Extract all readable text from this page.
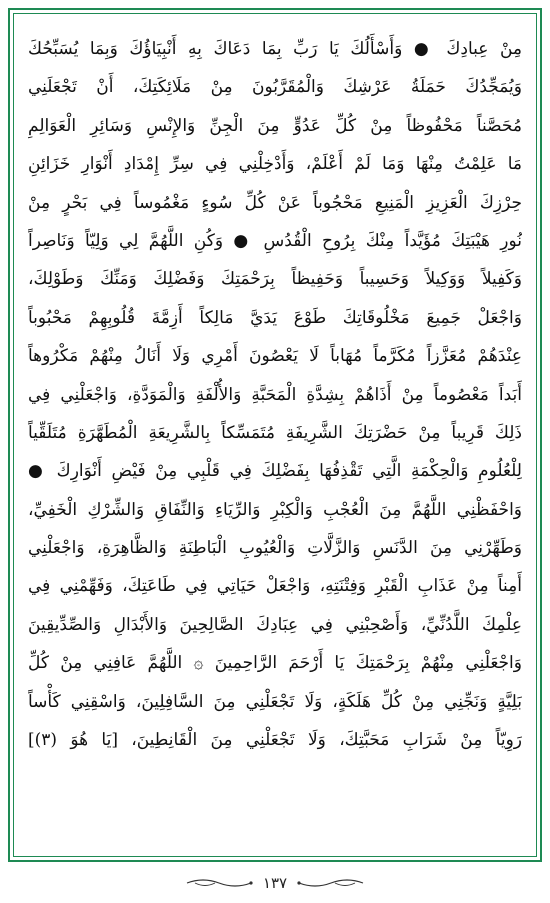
مِنْ عِبادِكَ ● وَأَسْأَلُكَ يَا رَبِّ بِمَا دَعَاكَ بِهِ أَنْبِيَاؤُكَ وَبِمَا يُسَبِّحُكَ
وَيُمَجِّدُكَ حَمَلَةُ عَرْشِكَ وَالْمُقَرَّبُونَ مِنْ مَلَائِكَتِكَ، أَنْ تَجْعَلَنِي
مُحَصَّناً مَحْفُوظاً مِنْ كُلِّ عَدُوٍّ مِنَ الْجِنِّ وَالإِنْسِ وَسَائِرِ الْعَوَالِمِ
مَا عَلِمْتُ مِنْهَا وَمَا لَمْ أَعْلَمْ، وَأَدْخِلْنِي فِي سِرِّ إِمْدَادِ أَنْوَارِ خَزَائِنِ
حِرْزِكَ الْعَزِيزِ الْمَنِيعِ مَحْجُوباً عَنْ كُلِّ سُوءٍ مَغْمُوساً فِي بَحْرٍ مِنْ
نُورِ هَيْبَتِكَ مُؤَيَّداً مِنْكَ بِرُوحِ الْقُدُسِ ● وَكُنِ اللَّهُمَّ لِي وَلِيّاً وَنَاصِراً
وَكَفِيلاً وَوَكِيلاً وَحَسِيباً وَحَفِيظاً بِرَحْمَتِكَ وَفَضْلِكَ وَمَنِّكَ وَطَوْلِكَ،
وَاجْعَلْ جَمِيعَ مَخْلُوقَاتِكَ طَوْعَ يَدَيَّ مَالِكاً أَزِمَّةَ قُلُوبِهِمْ مَحْبُوباً
عِنْدَهُمْ مُعَزَّزاً مُكَرَّماً مُهَاباً لَا يَعْصُونَ أَمْرِي وَلَا أَنَالُ مِنْهُمْ مَكْرُوهاً
أَبَداً مَعْصُوماً مِنْ أَذَاهُمْ بِشِدَّةِ الْمَحَبَّةِ وَالأُلْفَةِ وَالْمَوَدَّةِ، وَاجْعَلْنِي فِي
ذَلِكَ قَرِيباً مِنْ حَضْرَتِكَ الشَّرِيفَةِ مُتَمَسِّكاً بِالشَّرِيعَةِ الْمُطَهَّرَةِ مُتَلَقِّياً
لِلْعُلُومِ وَالْحِكْمَةِ الَّتِي تَقْذِفُهَا بِفَضْلِكَ فِي قَلْبِي مِنْ فَيْضِ أَنْوَارِكَ ●
وَاحْفَظْنِي اللَّهُمَّ مِنَ الْعُجْبِ وَالْكِبْرِ وَالرِّيَاءِ وَالنِّفَاقِ وَالشِّرْكِ الْخَفِيِّ،
وَطَهِّرْنِي مِنَ الدَّنَسِ وَالزَّلَّاتِ وَالْعُيُوبِ الْبَاطِنَةِ وَالظَّاهِرَةِ، وَاجْعَلْنِي
أَمِناً مِنْ عَذَابِ الْقَبْرِ وَفِتْنَتِهِ، وَاجْعَلْ حَيَاتِي فِي طَاعَتِكَ، وَفَهِّمْنِي فِي
عِلْمِكَ اللَّدُنِّيِّ، وَأَصْحِبْنِي فِي عِبَادِكَ الصَّالِحِينَ وَالأَبْدَالِ وَالصِّدِّيقِينَ
وَاجْعَلْنِي مِنْهُمْ بِرَحْمَتِكَ يَا أَرْحَمَ الرَّاحِمِينَ ۞ اللَّهُمَّ عَافِنِي مِنْ كُلِّ
بَلِيَّةٍ وَنَجِّنِي مِنْ كُلِّ هَلَكَةٍ، وَلَا تَجْعَلْنِي مِنَ السَّافِلِينَ، وَاسْقِنِي كَأْساً
رَوِيّاً مِنْ شَرَابِ مَحَبَّتِكَ، وَلَا تَجْعَلْنِي مِنَ الْقَانِطِينَ، [يَا هُوَ (٣)]
١٣٧
